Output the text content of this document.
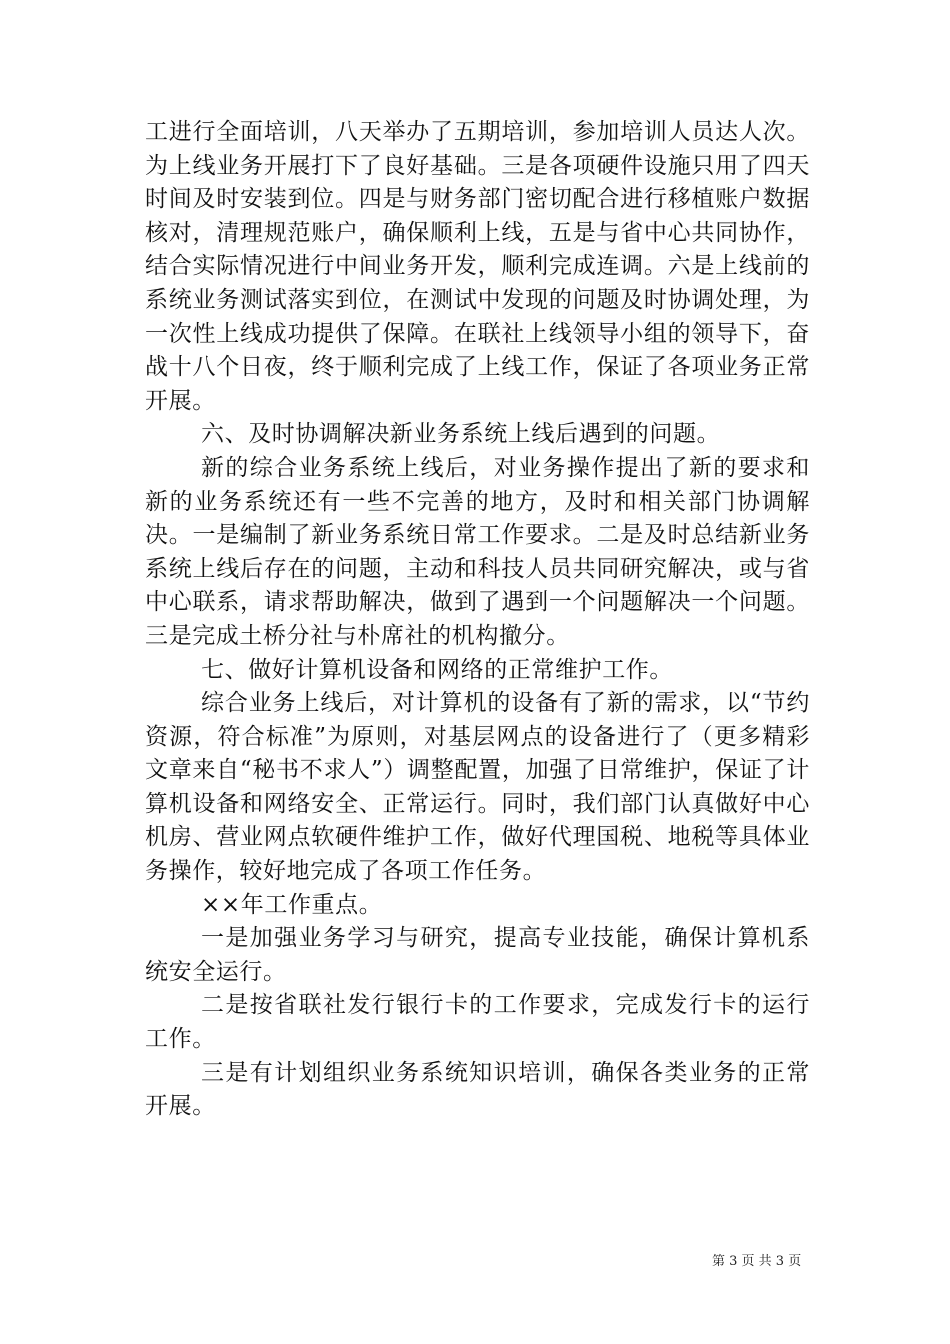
工进行全面培训，八天举办了五期培训，参加培训人员达人次。为上线业务开展打下了良好基础。三是各项硬件设施只用了四天时间及时安装到位。四是与财务部门密切配合进行移植账户数据核对，清理规范账户，确保顺利上线，五是与省中心共同协作，结合实际情况进行中间业务开发，顺利完成连调。六是上线前的系统业务测试落实到位，在测试中发现的问题及时协调处理，为一次性上线成功提供了保障。在联社上线领导小组的领导下，奋战十八个日夜，终于顺利完成了上线工作，保证了各项业务正常开展。

六、及时协调解决新业务系统上线后遇到的问题。

新的综合业务系统上线后，对业务操作提出了新的要求和新的业务系统还有一些不完善的地方，及时和相关部门协调解决。一是编制了新业务系统日常工作要求。二是及时总结新业务系统上线后存在的问题，主动和科技人员共同研究解决，或与省中心联系，请求帮助解决，做到了遇到一个问题解决一个问题。三是完成土桥分社与朴席社的机构撤分。

七、做好计算机设备和网络的正常维护工作。

综合业务上线后，对计算机的设备有了新的需求，以“节约资源，符合标准”为原则，对基层网点的设备进行了（更多精彩文章来自“秘书不求人”）调整配置，加强了日常维护，保证了计算机设备和网络安全、正常运行。同时，我们部门认真做好中心机房、营业网点软硬件维护工作，做好代理国税、地税等具体业务操作，较好地完成了各项工作任务。

××年工作重点。

一是加强业务学习与研究，提高专业技能，确保计算机系统安全运行。

二是按省联社发行银行卡的工作要求，完成发行卡的运行工作。

三是有计划组织业务系统知识培训，确保各类业务的正常开展。

第 3 页 共 3 页
